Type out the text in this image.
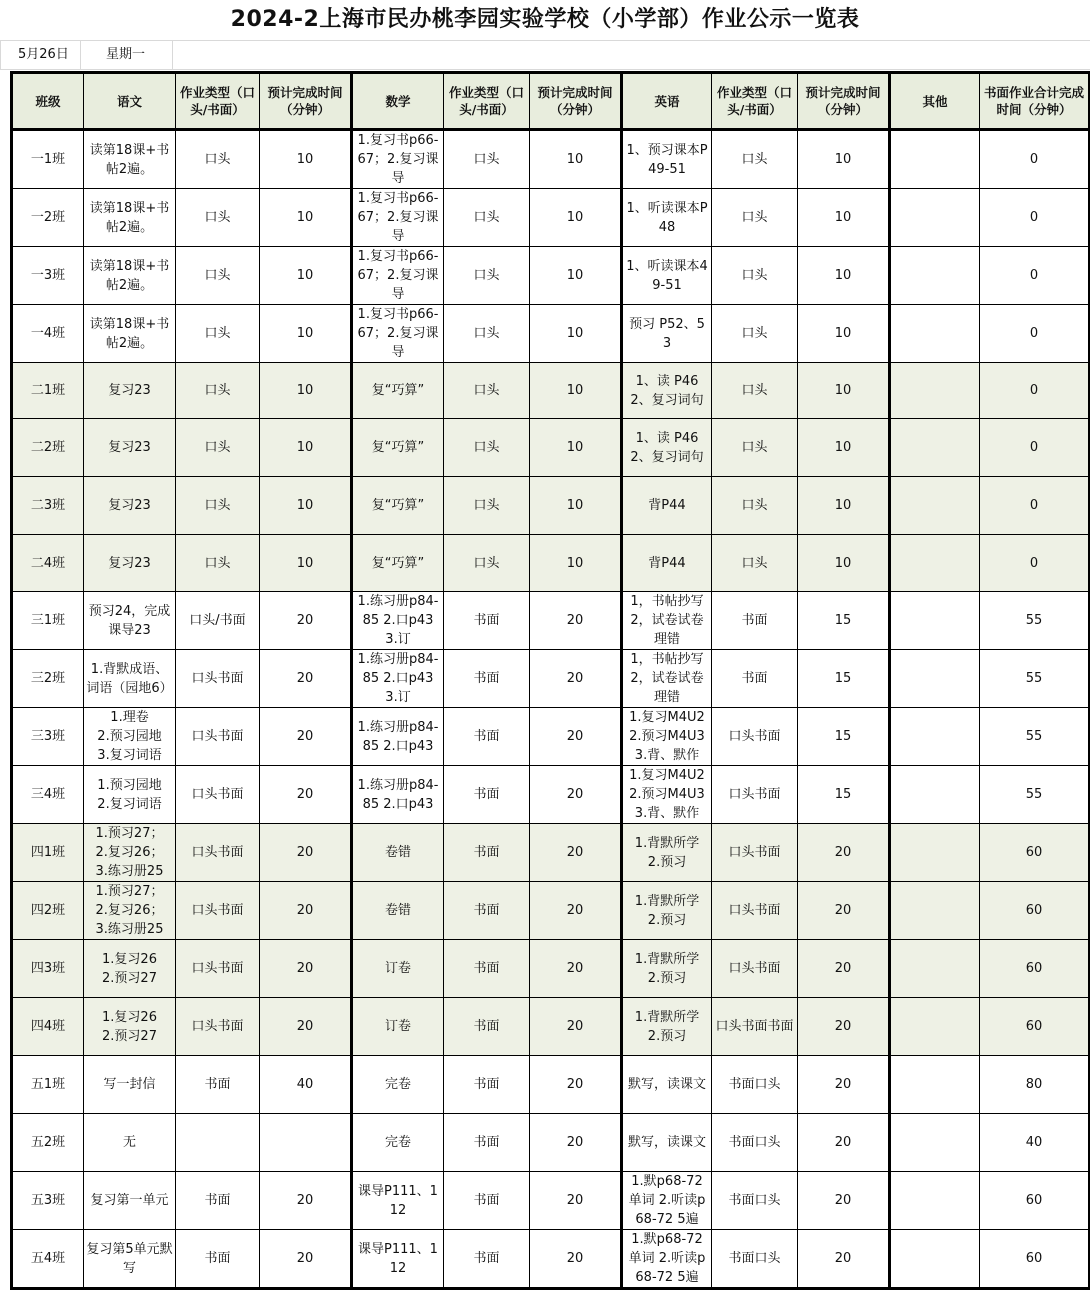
2024-2上海市民办桃李园实验学校（小学部）作业公示一览表
5月26日	星期一
班级	语文	作业类型（口头/书面）	预计完成时间（分钟）	数学	作业类型（口头/书面）	预计完成时间（分钟）	英语	作业类型（口头/书面）	预计完成时间（分钟）	其他	书面作业合计完成时间（分钟）

一1班	读第18课+书帖2遍。	口头	10	1.复习书p66-67；2.复习课导	口头	10	1、预习课本P49-51	口头	10		0

一2班	读第18课+书帖2遍。	口头	10	1.复习书p66-67；2.复习课导	口头	10	1、听读课本P48	口头	10		0

一3班	读第18课+书帖2遍。	口头	10	1.复习书p66-67；2.复习课导	口头	10	1、听读课本49-51	口头	10		0

一4班	读第18课+书帖2遍。	口头	10	1.复习书p66-67；2.复习课导	口头	10	预习 P52、53	口头	10		0

二1班	复习23	口头	10	复“巧算”	口头	10	1、读 P46
2、复习词句	口头	10		0

二2班	复习23	口头	10	复“巧算”	口头	10	1、读 P46
2、复习词句	口头	10		0

二3班	复习23	口头	10	复“巧算”	口头	10	背P44	口头	10		0

二4班	复习23	口头	10	复“巧算”	口头	10	背P44	口头	10		0

三1班	预习24，完成课导23	口头/书面	20	1.练习册p84-85 2.口p43 3.订	书面	20	1，书帖抄写
2，试卷试卷理错	书面	15		55

三2班	1.背默成语、词语（园地6）	口头书面	20	1.练习册p84-85 2.口p43 3.订	书面	20	1，书帖抄写
2，试卷试卷理错	书面	15		55

三3班	1.理卷
2.预习园地
3.复习词语	口头书面	20	1.练习册p84-85 2.口p43	书面	20	1.复习M4U2
2.预习M4U3
3.背、默作	口头书面	15		55

三4班	1.预习园地
2.复习词语	口头书面	20	1.练习册p84-85 2.口p43	书面	20	1.复习M4U2
2.预习M4U3
3.背、默作	口头书面	15		55

四1班	1.预习27；
2.复习26；
3.练习册25	口头书面	20	卷错	书面	20	1.背默所学
2.预习	口头书面	20		60

四2班	1.预习27；
2.复习26；
3.练习册25	口头书面	20	卷错	书面	20	1.背默所学
2.预习	口头书面	20		60

四3班	1.复习26
2.预习27	口头书面	20	订卷	书面	20	1.背默所学
2.预习	口头书面	20		60

四4班	1.复习26
2.预习27	口头书面	20	订卷	书面	20	1.背默所学
2.预习	口头书面书面	20		60

五1班	写一封信	书面	40	完卷	书面	20	默写，读课文	书面口头	20		80

五2班	无			完卷	书面	20	默写，读课文	书面口头	20		40

五3班	复习第一单元	书面	20	课导P111、112	书面	20	1.默p68-72单词 2.听读p68-72 5遍	书面口头	20		60

五4班	复习第5单元默写	书面	20	课导P111、112	书面	20	1.默p68-72单词 2.听读p68-72 5遍	书面口头	20		60
